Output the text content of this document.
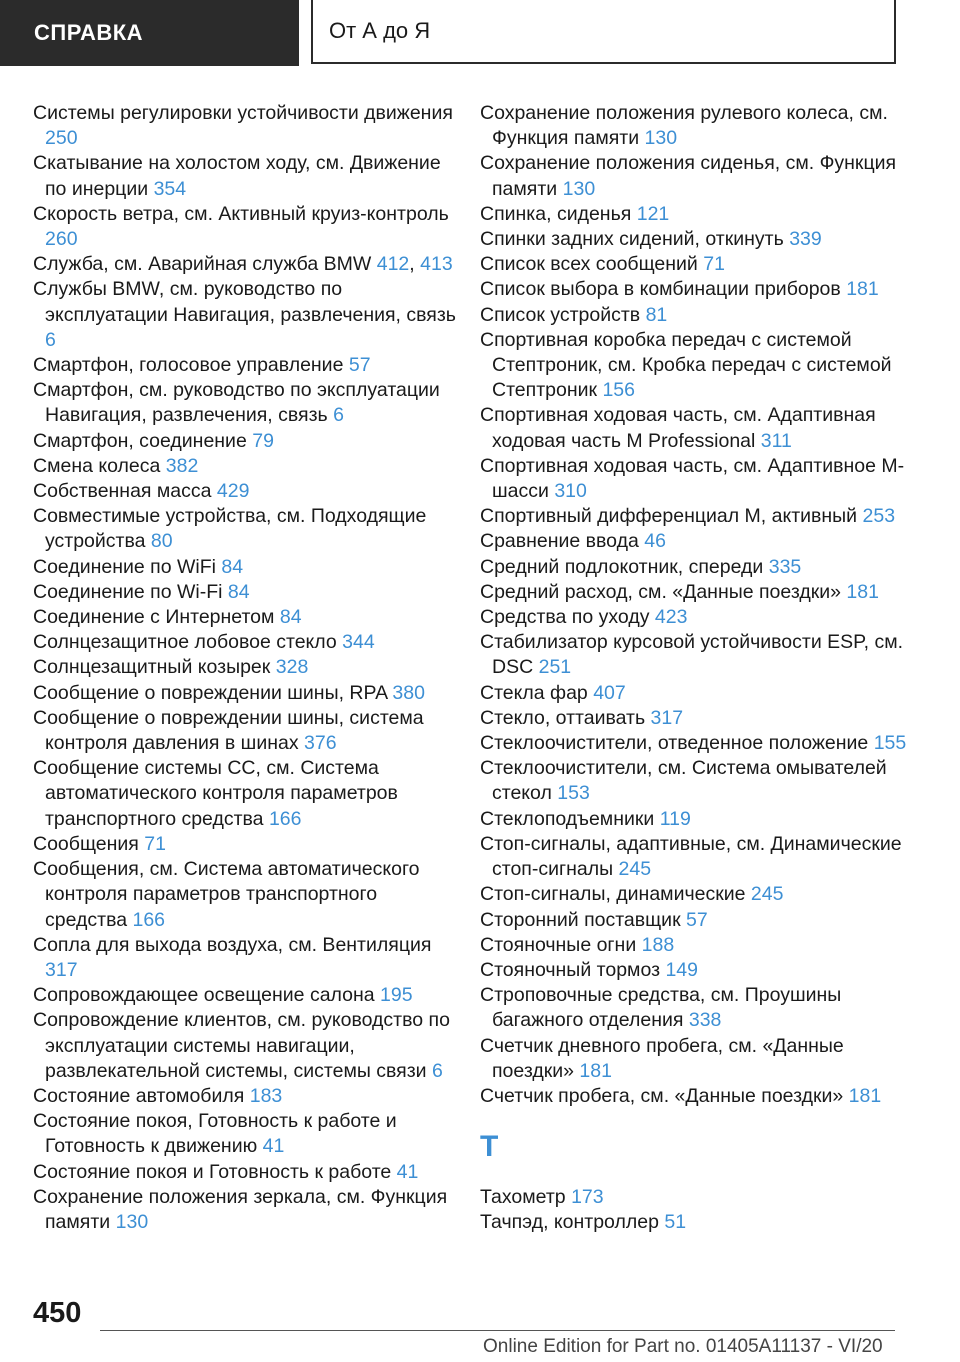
СПРАВКА	От А до Я
Системы регулировки устойчивости движения 250
Скатывание на холостом ходу, см. Движение по инерции 354
Скорость ветра, см. Активный круиз-контроль 260
Служба, см. Аварийная служба BMW 412, 413
Службы BMW, см. руководство по эксплуатации Навигация, развлечения, связь 6
Смартфон, голосовое управление 57
Смартфон, см. руководство по эксплуатации Навигация, развлечения, связь 6
Смартфон, соединение 79
Смена колеса 382
Собственная масса 429
Совместимые устройства, см. Подходящие устройства 80
Соединение по WiFi 84
Соединение по Wi-Fi 84
Соединение с Интернетом 84
Солнцезащитное лобовое стекло 344
Солнцезащитный козырек 328
Сообщение о повреждении шины, RPA 380
Сообщение о повреждении шины, система контроля давления в шинах 376
Сообщение системы CC, см. Система автоматического контроля параметров транспортного средства 166
Сообщения 71
Сообщения, см. Система автоматического контроля параметров транспортного средства 166
Сопла для выхода воздуха, см. Вентиляция 317
Сопровождающее освещение салона 195
Сопровождение клиентов, см. руководство по эксплуатации системы навигации, развлекательной системы, системы связи 6
Состояние автомобиля 183
Состояние покоя, Готовность к работе и Готовность к движению 41
Состояние покоя и Готовность к работе 41
Сохранение положения зеркала, см. Функция памяти 130
Сохранение положения рулевого колеса, см. Функция памяти 130
Сохранение положения сиденья, см. Функция памяти 130
Спинка, сиденья 121
Спинки задних сидений, откинуть 339
Список всех сообщений 71
Список выбора в комбинации приборов 181
Список устройств 81
Спортивная коробка передач с системой Стептроник, см. Кробка передач с системой Стептроник 156
Спортивная ходовая часть, см. Адаптивная ходовая часть M Professional 311
Спортивная ходовая часть, см. Адаптивное M-шасси 310
Спортивный дифференциал M, активный 253
Сравнение ввода 46
Средний подлокотник, спереди 335
Средний расход, см. «Данные поездки» 181
Средства по уходу 423
Стабилизатор курсовой устойчивости ESP, см. DSC 251
Стекла фар 407
Стекло, оттаивать 317
Стеклоочистители, отведенное положение 155
Стеклоочистители, см. Система омывателей стекол 153
Стеклоподъемники 119
Стоп-сигналы, адаптивные, см. Динамические стоп-сигналы 245
Стоп-сигналы, динамические 245
Сторонний поставщик 57
Стояночные огни 188
Стояночный тормоз 149
Строповочные средства, см. Проушины багажного отделения 338
Счетчик дневного пробега, см. «Данные поездки» 181
Счетчик пробега, см. «Данные поездки» 181
Т
Тахометр 173
Тачпэд, контроллер 51
450
Online Edition for Part no. 01405A11137 - VI/20
